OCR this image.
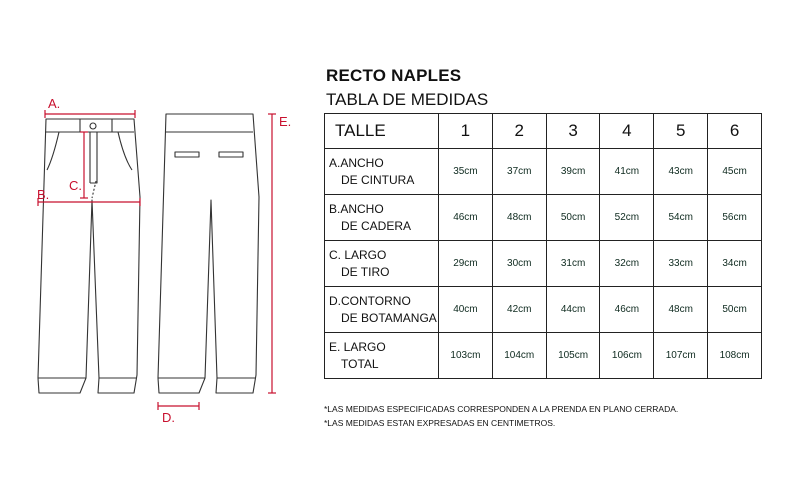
A.
B.
C.
D.
E.
RECTO NAPLES
TABLA DE MEDIDAS
TALLE	1	2	3	4	5	6

A.ANCHO
DE CINTURA	35cm	37cm	39cm	41cm	43cm	45cm

B.ANCHO
DE CADERA	46cm	48cm	50cm	52cm	54cm	56cm

C. LARGO
DE TIRO	29cm	30cm	31cm	32cm	33cm	34cm

D.CONTORNO
DE BOTAMANGA	40cm	42cm	44cm	46cm	48cm	50cm

E. LARGO
TOTAL	103cm	104cm	105cm	106cm	107cm	108cm
*LAS MEDIDAS ESPECIFICADAS CORRESPONDEN A LA PRENDA EN PLANO CERRADA.
*LAS MEDIDAS ESTAN EXPRESADAS EN CENTIMETROS.
